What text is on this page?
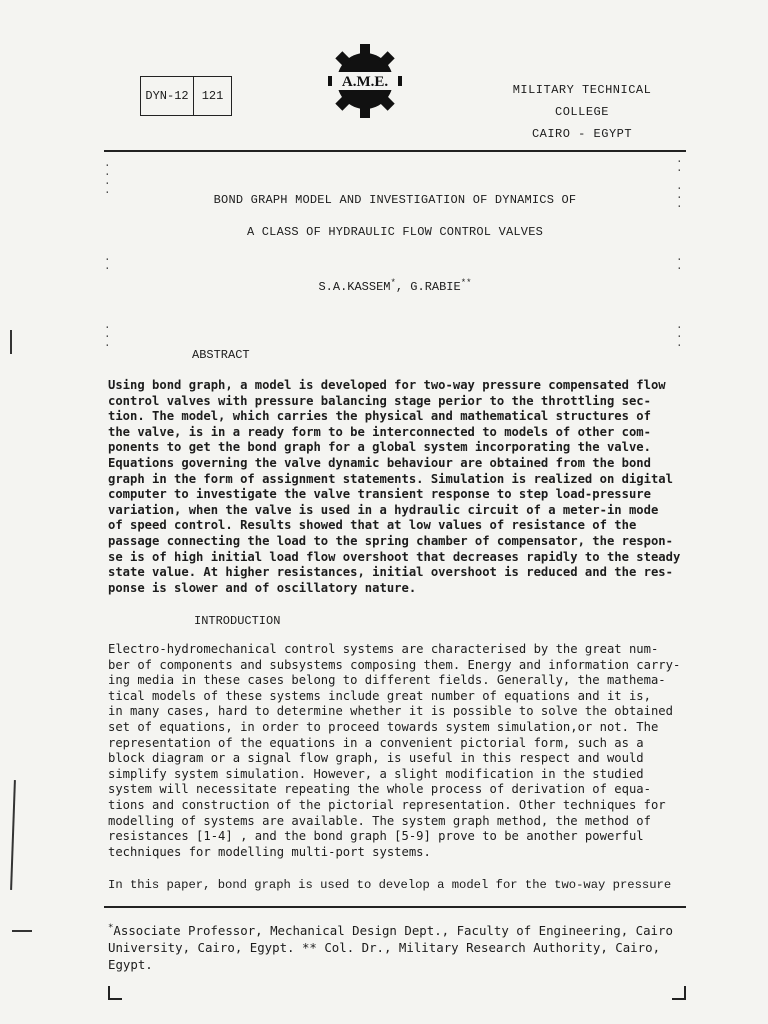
DYN-12	121
A.M.E.	MILITARY TECHNICAL COLLEGE
CAIRO - EGYPT
.
.

.
.
.
.
.
.
.
.
.
.
.
.
.
.
.
.
.
BOND GRAPH MODEL AND INVESTIGATION OF DYNAMICS OF
A CLASS OF HYDRAULIC FLOW CONTROL VALVES
S.A.KASSEM*, G.RABIE**
ABSTRACT
Using bond graph, a model is developed for two-way pressure compensated flow
control valves with pressure balancing stage perior to the throttling sec-
tion. The model, which carries the physical and mathematical structures of
the valve, is in a ready form to be interconnected to models of other com-
ponents to get the bond graph for a global system incorporating the valve.
Equations governing the valve dynamic behaviour are obtained from the bond
graph in the form of assignment statements. Simulation is realized on digital
computer to investigate the valve transient response to step load-pressure
variation, when the valve is used in a hydraulic circuit of a meter-in mode
of speed control. Results showed that at low values of resistance of the
passage connecting the load to the spring chamber of compensator, the respon-
se is of high initial load flow overshoot that decreases rapidly to the steady
state value. At higher resistances, initial overshoot is reduced and the res-
ponse is slower and of oscillatory nature.
INTRODUCTION
Electro-hydromechanical control systems are characterised by the great num-
ber of components and subsystems composing them. Energy and information carry-
ing media in these cases belong to different fields. Generally, the mathema-
tical models of these systems include great number of equations and it is,
in many cases, hard to determine whether it is possible to solve the obtained
set of equations, in order to proceed towards system simulation,or not. The
representation of the equations in a convenient pictorial form, such as a
block diagram or a signal flow graph, is useful in this respect and would
simplify system simulation. However, a slight modification in the studied
system will necessitate repeating the whole process of derivation of equa-
tions and construction of the pictorial representation. Other techniques for
modelling of systems are available. The system graph method, the method of
resistances [1-4] , and the bond graph [5-9] prove to be another powerful
techniques for modelling multi-port systems.
In this paper, bond graph is used to develop a model for the two-way pressure
*Associate Professor, Mechanical Design Dept., Faculty of Engineering, Cairo
University, Cairo, Egypt. ** Col. Dr., Military Research Authority, Cairo,
Egypt.
